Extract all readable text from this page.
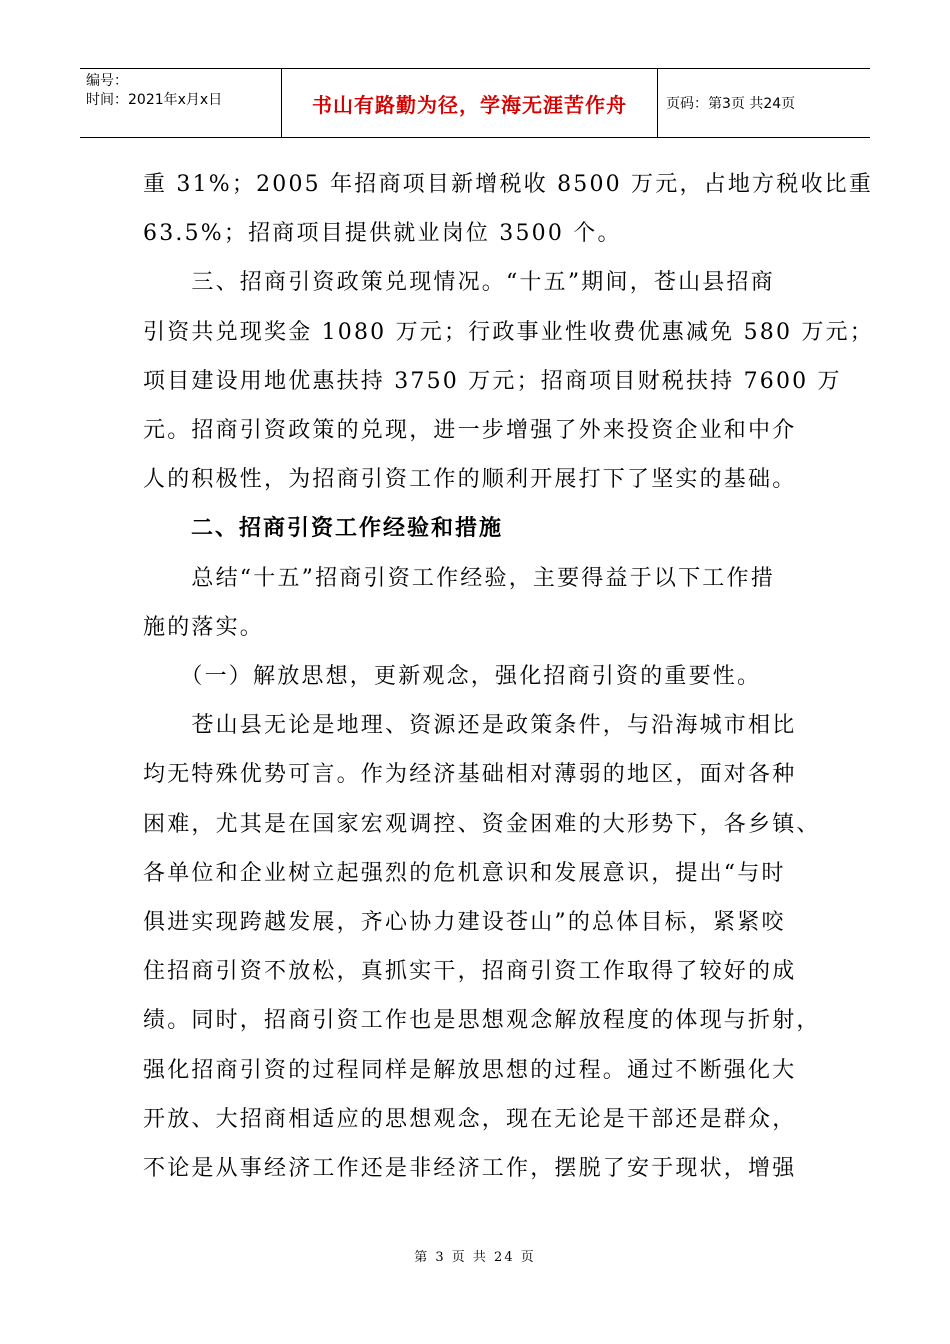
编号：
时间：2021年x月x日	书山有路勤为径，学海无涯苦作舟	页码：第3页 共24页

重 31%；2005 年招商项目新增税收 8500 万元，占地方税收比重

63.5%；招商项目提供就业岗位 3500 个。

　　三、招商引资政策兑现情况。“十五”期间，苍山县招商

引资共兑现奖金 1080 万元；行政事业性收费优惠减免 580 万元；

项目建设用地优惠扶持 3750 万元；招商项目财税扶持 7600 万

元。招商引资政策的兑现，进一步增强了外来投资企业和中介

人的积极性，为招商引资工作的顺利开展打下了坚实的基础。

　　二、招商引资工作经验和措施

　　总结“十五”招商引资工作经验，主要得益于以下工作措

施的落实。

　　（一）解放思想，更新观念，强化招商引资的重要性。

　　苍山县无论是地理、资源还是政策条件，与沿海城市相比

均无特殊优势可言。作为经济基础相对薄弱的地区，面对各种

困难，尤其是在国家宏观调控、资金困难的大形势下，各乡镇、

各单位和企业树立起强烈的危机意识和发展意识，提出“与时

俱进实现跨越发展，齐心协力建设苍山”的总体目标，紧紧咬

住招商引资不放松，真抓实干，招商引资工作取得了较好的成

绩。同时，招商引资工作也是思想观念解放程度的体现与折射，

强化招商引资的过程同样是解放思想的过程。通过不断强化大

开放、大招商相适应的思想观念，现在无论是干部还是群众，

不论是从事经济工作还是非经济工作，摆脱了安于现状，增强

第 3 页 共 24 页
